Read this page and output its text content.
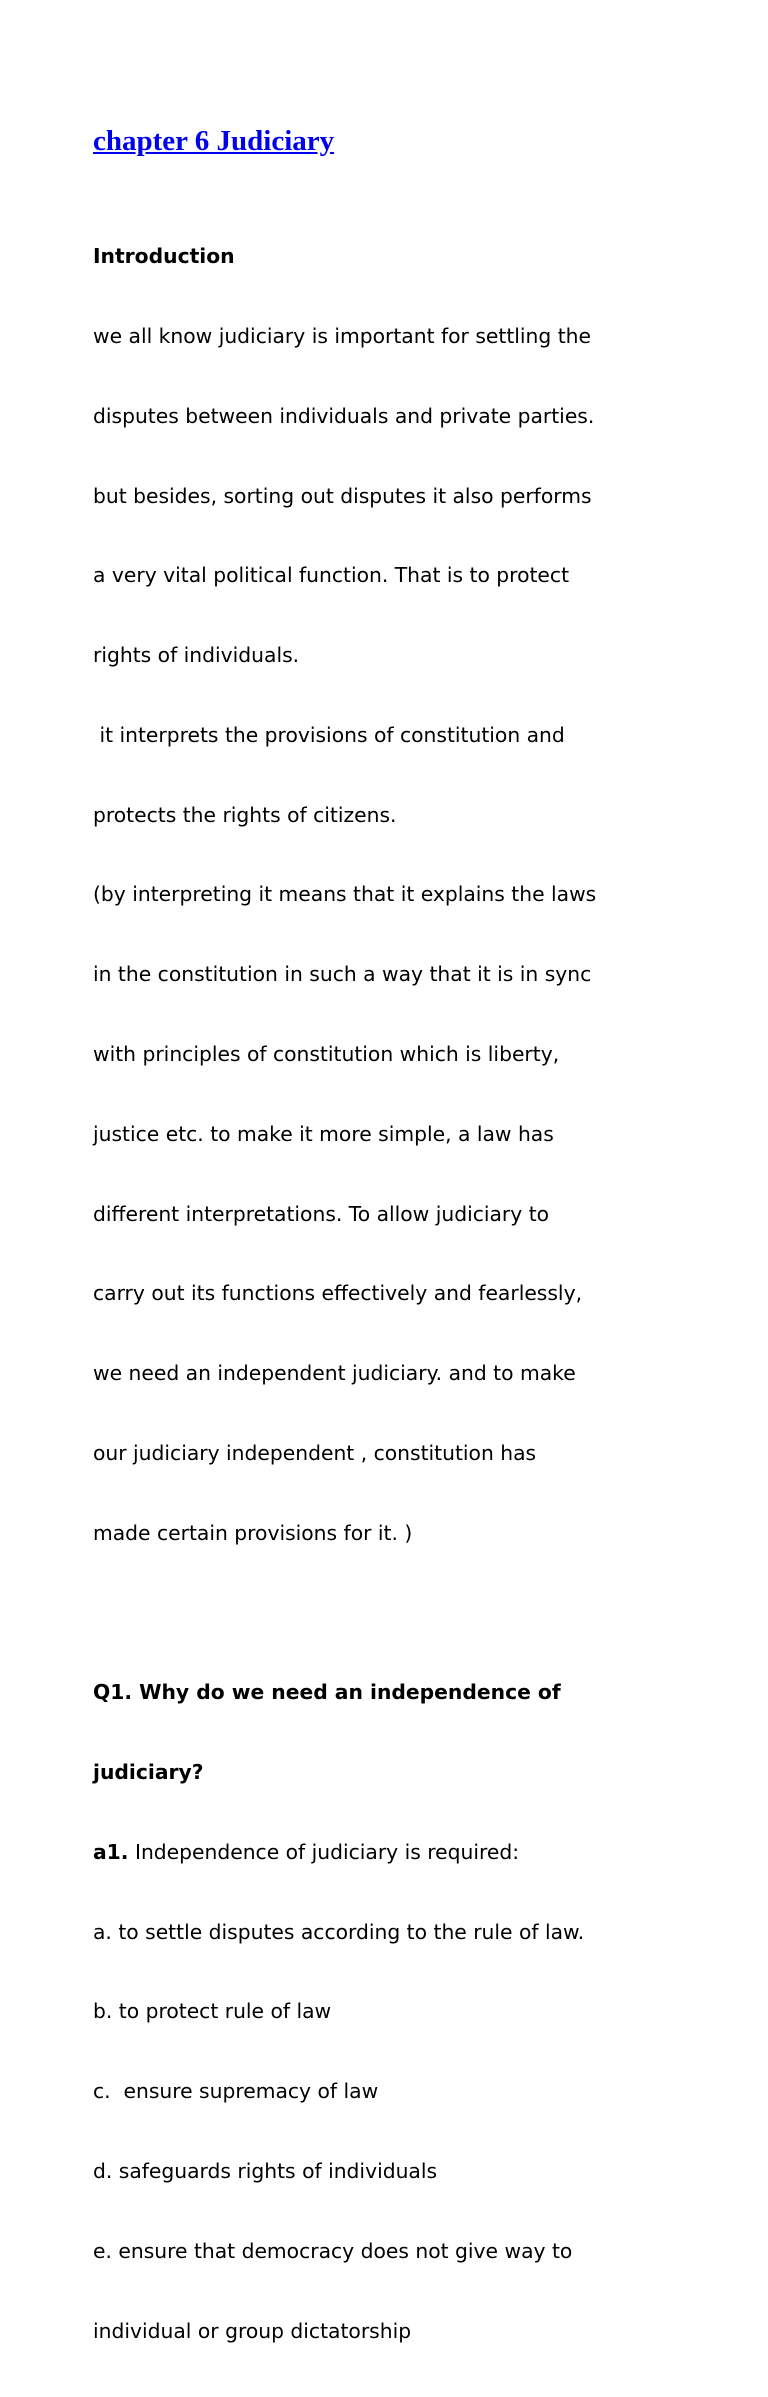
chapter 6 Judiciary

Introduction

we all know judiciary is important for settling the

disputes between individuals and private parties.

but besides, sorting out disputes it also performs

a very vital political function. That is to protect

rights of individuals.

it interprets the provisions of constitution and

protects the rights of citizens.

(by interpreting it means that it explains the laws

in the constitution in such a way that it is in sync

with principles of constitution which is liberty,

justice etc. to make it more simple, a law has

different interpretations. To allow judiciary to

carry out its functions effectively and fearlessly,

we need an independent judiciary. and to make

our judiciary independent , constitution has

made certain provisions for it. )

Q1. Why do we need an independence of

judiciary?

a1. Independence of judiciary is required:

a. to settle disputes according to the rule of law.

b. to protect rule of law

c.  ensure supremacy of law

d. safeguards rights of individuals

e. ensure that democracy does not give way to

individual or group dictatorship
